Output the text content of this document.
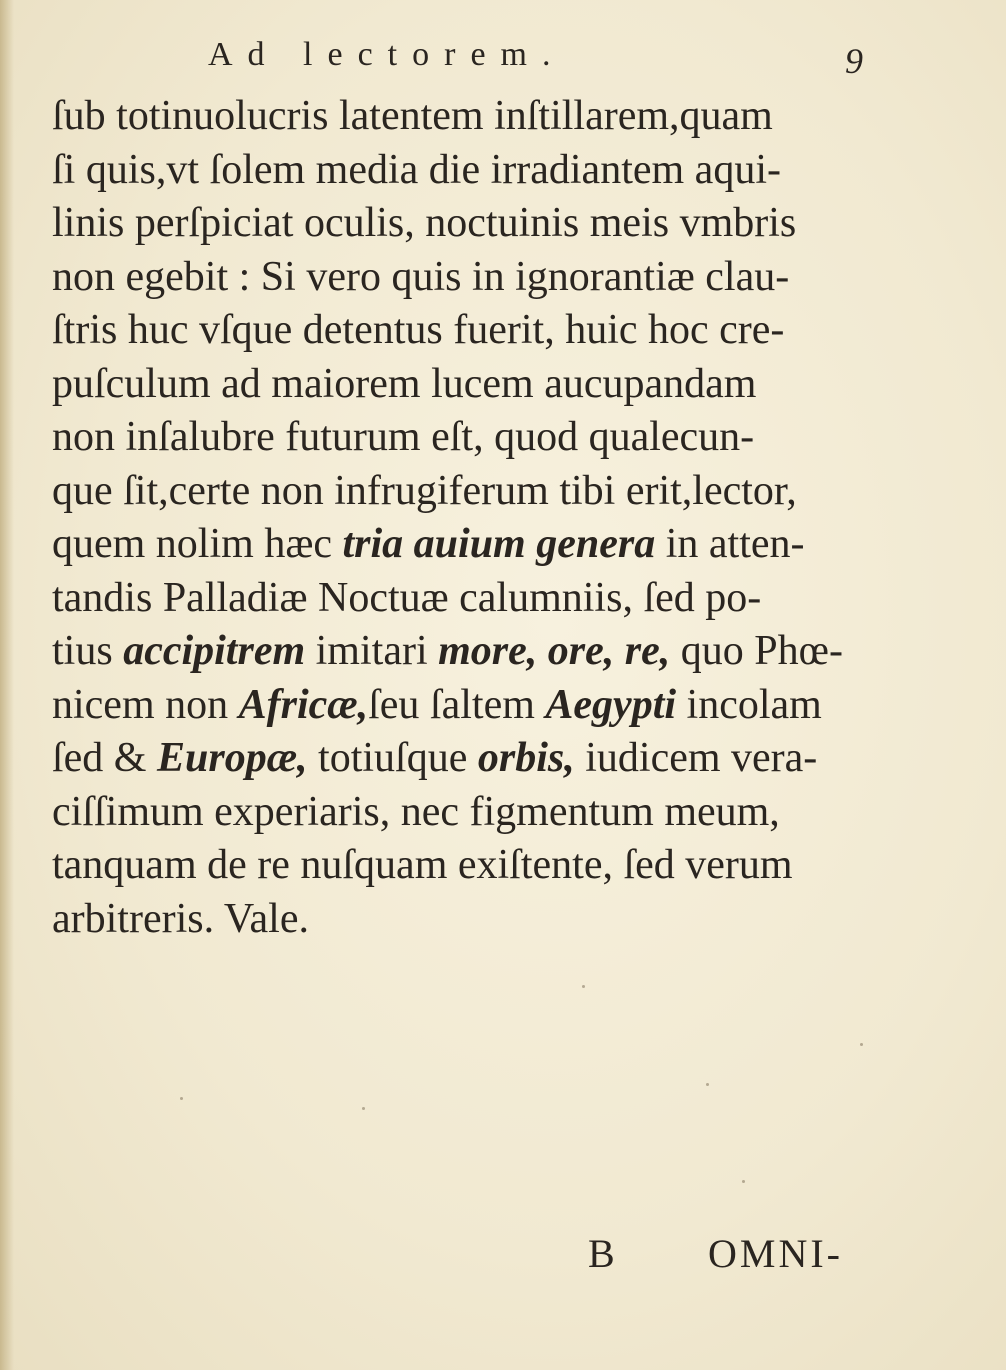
Ad lectorem.	9
ſub totinuolucris latentem inſtillarem,quam
ſi quis,vt ſolem media die irradiantem aqui-
linis perſpiciat oculis, noctuinis meis vmbris
non egebit : Si vero quis in ignorantiæ clau-
ſtris huc vſque detentus fuerit, huic hoc cre-
puſculum ad maiorem lucem aucupandam
non inſalubre futurum eſt, quod qualecun-
que ſit,certe non infrugiferum tibi erit,lector,
quem nolim hæc tria auium genera in atten-
tandis Palladiæ Noctuæ calumniis, ſed po-
tius accipitrem imitari more, ore, re, quo Phœ-
nicem non Africæ,ſeu ſaltem Aegypti incolam
ſed & Europæ, totiuſque orbis, iudicem vera-
ciſſimum experiaris, nec figmentum meum,
tanquam de re nuſquam exiſtente, ſed verum
arbitreris. Vale.
B OMNI-
